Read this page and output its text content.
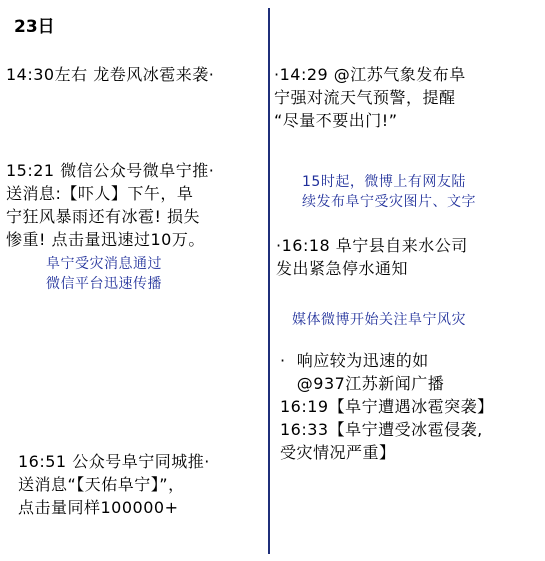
23日
14:30左右 龙卷风冰雹来袭·
15:21 微信公众号微阜宁推·
送消息:【吓人】下午，阜
宁狂风暴雨还有冰雹! 损失
惨重! 点击量迅速过10万。
阜宁受灾消息通过
微信平台迅速传播
16:51 公众号阜宁同城推·
送消息“【天佑阜宁】”，
点击量同样100000+
·14:29 @江苏气象发布阜
宁强对流天气预警，提醒
“尽量不要出门!”
15时起，微博上有网友陆
续发布阜宁受灾图片、文字
·16:18 阜宁县自来水公司
发出紧急停水通知
媒体微博开始关注阜宁风灾
·  响应较为迅速的如
@937江苏新闻广播
16:19【阜宁遭遇冰雹突袭】
16:33【阜宁遭受冰雹侵袭,
受灾情况严重】
